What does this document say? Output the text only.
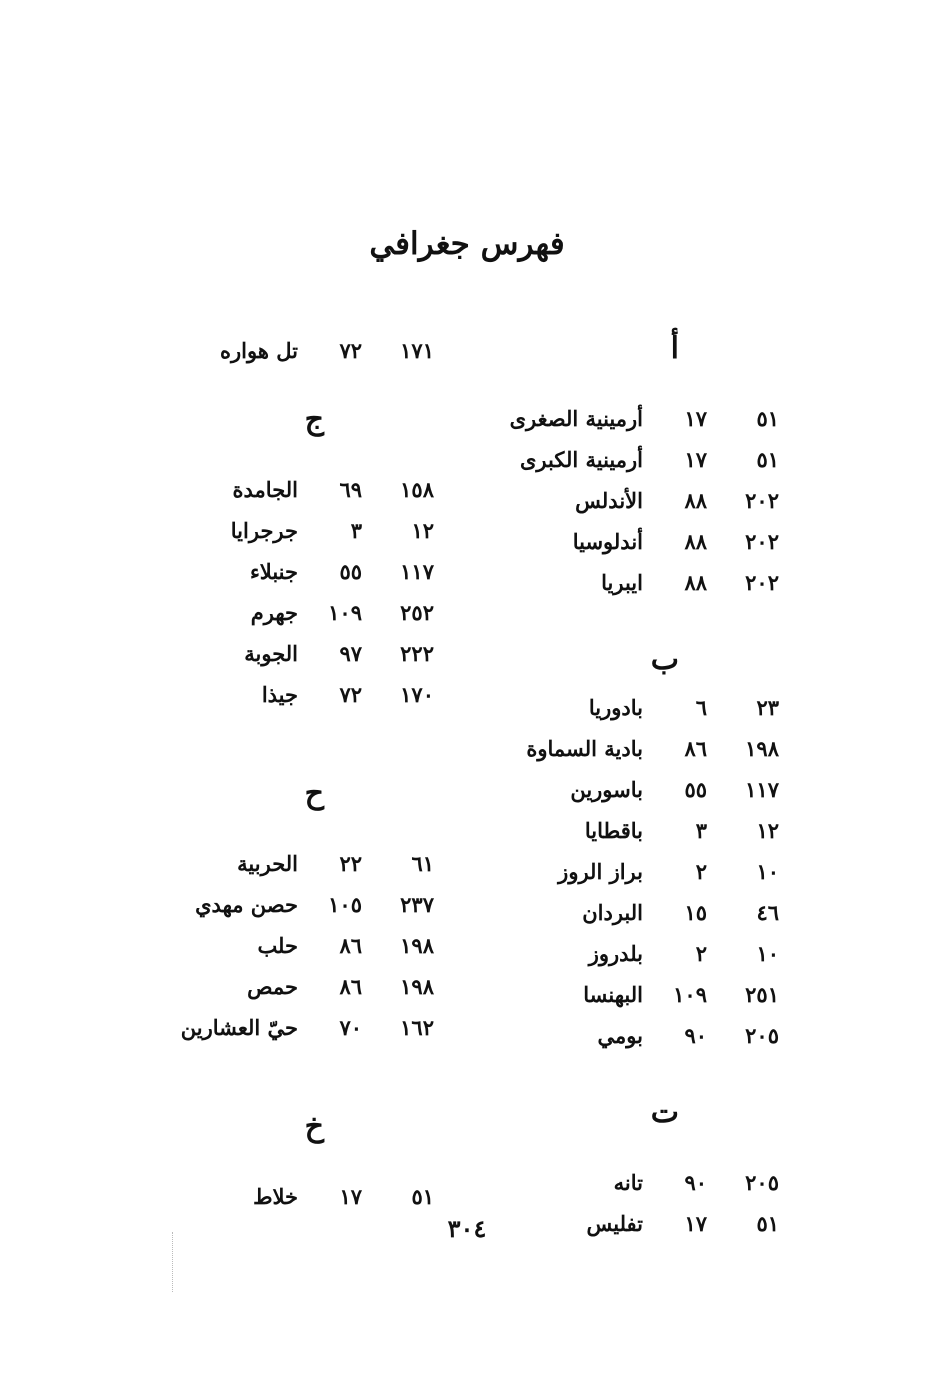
فهرس جغرافي
أ
٥١
١٧
أرمينية الصغرى
٥١
١٧
أرمينية الكبرى
٢٠٢
٨٨
الأندلس
٢٠٢
٨٨
أندلوسيا
٢٠٢
٨٨
ايبريا
ب
٢٣
٦
بادوريا
١٩٨
٨٦
بادية السماوة
١١٧
٥٥
باسورين
١٢
٣
باقطايا
١٠
٢
براز الروز
٤٦
١٥
البردان
١٠
٢
بلدروز
٢٥١
١٠٩
البهنسا
٢٠٥
٩٠
بومي
ت
٢٠٥
٩٠
تانه
٥١
١٧
تفليس
١٧١
٧٢
تل هواره
ج
١٥٨
٦٩
الجامدة
١٢
٣
جرجرايا
١١٧
٥٥
جنبلاء
٢٥٢
١٠٩
جهرم
٢٢٢
٩٧
الجوبة
١٧٠
٧٢
جيذا
ح
٦١
٢٢
الحربية
٢٣٧
١٠٥
حصن مهدي
١٩٨
٨٦
حلب
١٩٨
٨٦
حمص
١٦٢
٧٠
حيّ العشارين
خ
٥١
١٧
خلاط
٣٠٤
